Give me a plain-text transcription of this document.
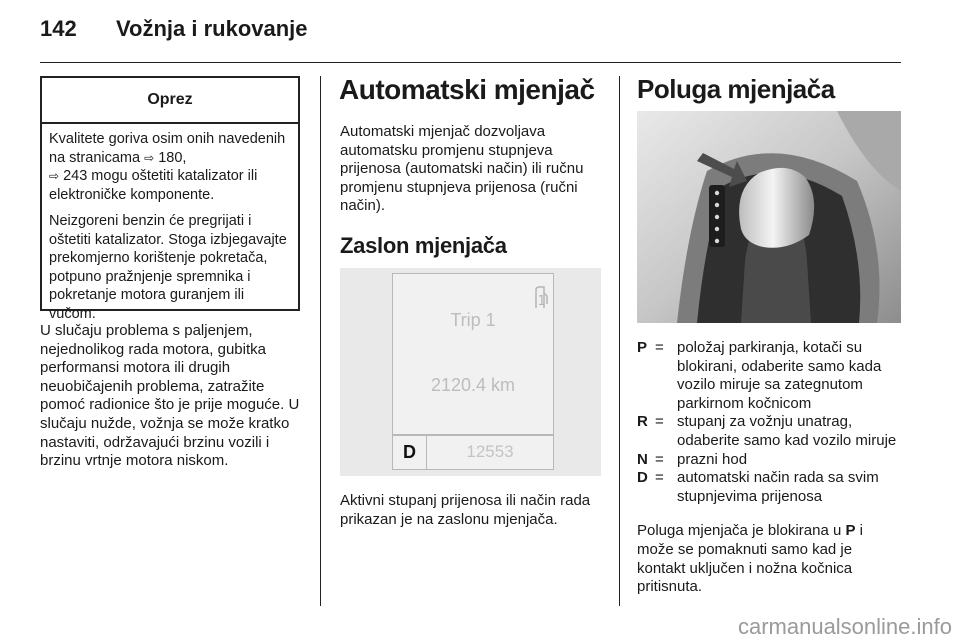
142 Vožnja i rukovanje
Oprez

Kvalitete goriva osim onih navedenih na stranicama ⇨ 180,
⇨ 243 mogu oštetiti katalizator ili elektroničke komponente.

Neizgoreni benzin će pregrijati i oštetiti katalizator. Stoga izbjegavajte prekomjerno korištenje pokretača, potpuno pražnjenje spremnika i pokretanje motora guranjem ili vučom.

U slučaju problema s paljenjem, nejednolikog rada motora, gubitka performansi motora ili drugih neuobičajenih problema, zatražite pomoć radionice što je prije moguće. U slučaju nužde, vožnja se može kratko nastaviti, održavajući brzinu vozili i brzinu vrtnje motora niskom.

Automatski mjenjač

Automatski mjenjač dozvoljava automatsku promjenu stupnjeva prijenosa (automatski način) ili ručnu promjenu stupnjeva prijenosa (ručni način).

Zaslon mjenjača
1
Trip 1
2120.4 km
D	12553

Aktivni stupanj prijenosa ili način rada prikazan je na zaslonu mjenjača.

Poluga mjenjača
P = položaj parkiranja, kotači su blokirani, odaberite samo kada vozilo miruje sa zategnutom parkirnom kočnicom
R = stupanj za vožnju unatrag, odaberite samo kad vozilo miruje
N = prazni hod
D = automatski način rada sa svim stupnjevima prijenosa

Poluga mjenjača je blokirana u P i može se pomaknuti samo kad je kontakt uključen i nožna kočnica pritisnuta.

carmanualsonline.info
